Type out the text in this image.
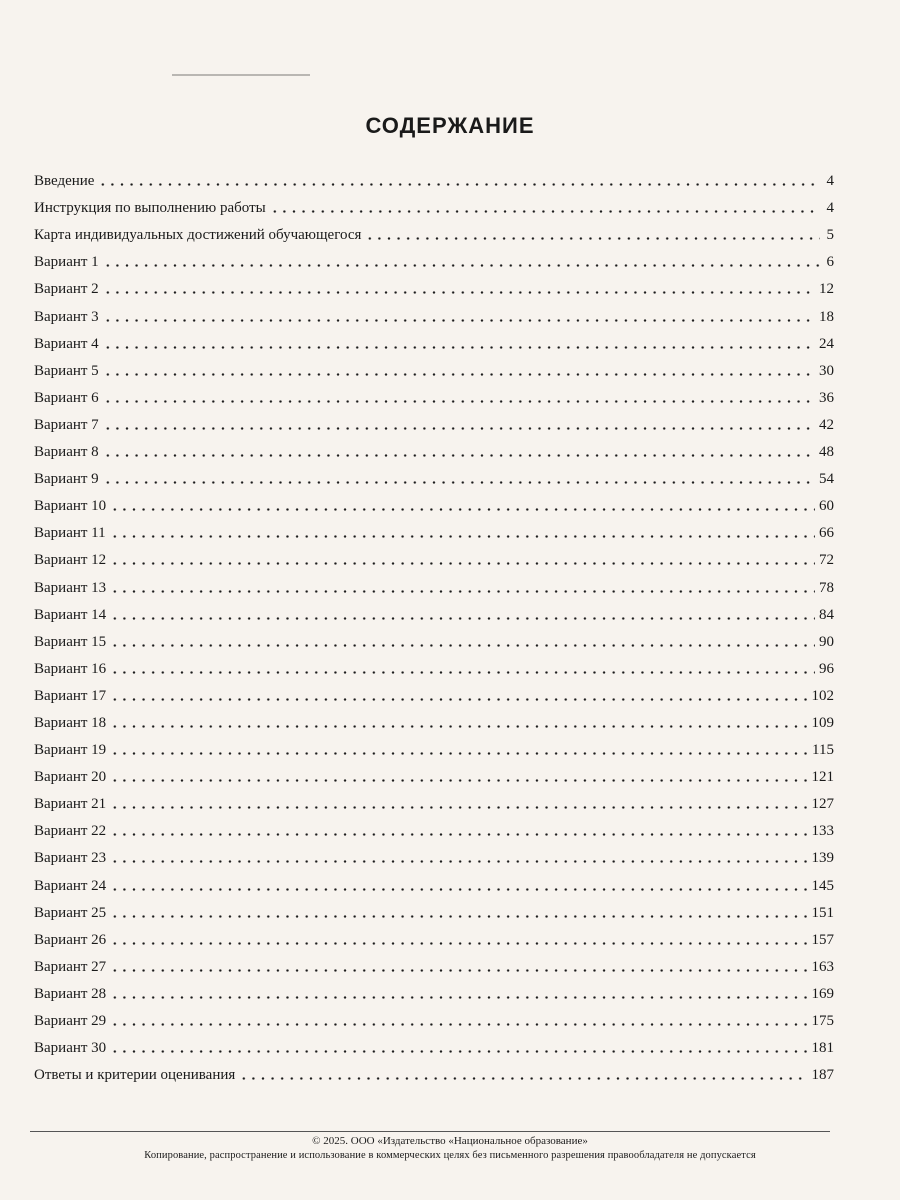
СОДЕРЖАНИЕ
Введение	4
Инструкция по выполнению работы	4
Карта индивидуальных достижений обучающегося	5
Вариант 1	6
Вариант 2	12
Вариант 3	18
Вариант 4	24
Вариант 5	30
Вариант 6	36
Вариант 7	42
Вариант 8	48
Вариант 9	54
Вариант 10	60
Вариант 11	66
Вариант 12	72
Вариант 13	78
Вариант 14	84
Вариант 15	90
Вариант 16	96
Вариант 17	102
Вариант 18	109
Вариант 19	115
Вариант 20	121
Вариант 21	127
Вариант 22	133
Вариант 23	139
Вариант 24	145
Вариант 25	151
Вариант 26	157
Вариант 27	163
Вариант 28	169
Вариант 29	175
Вариант 30	181
Ответы и критерии оценивания	187
© 2025. ООО «Издательство «Национальное образование»
Копирование, распространение и использование в коммерческих целях без письменного разрешения правообладателя не допускается
